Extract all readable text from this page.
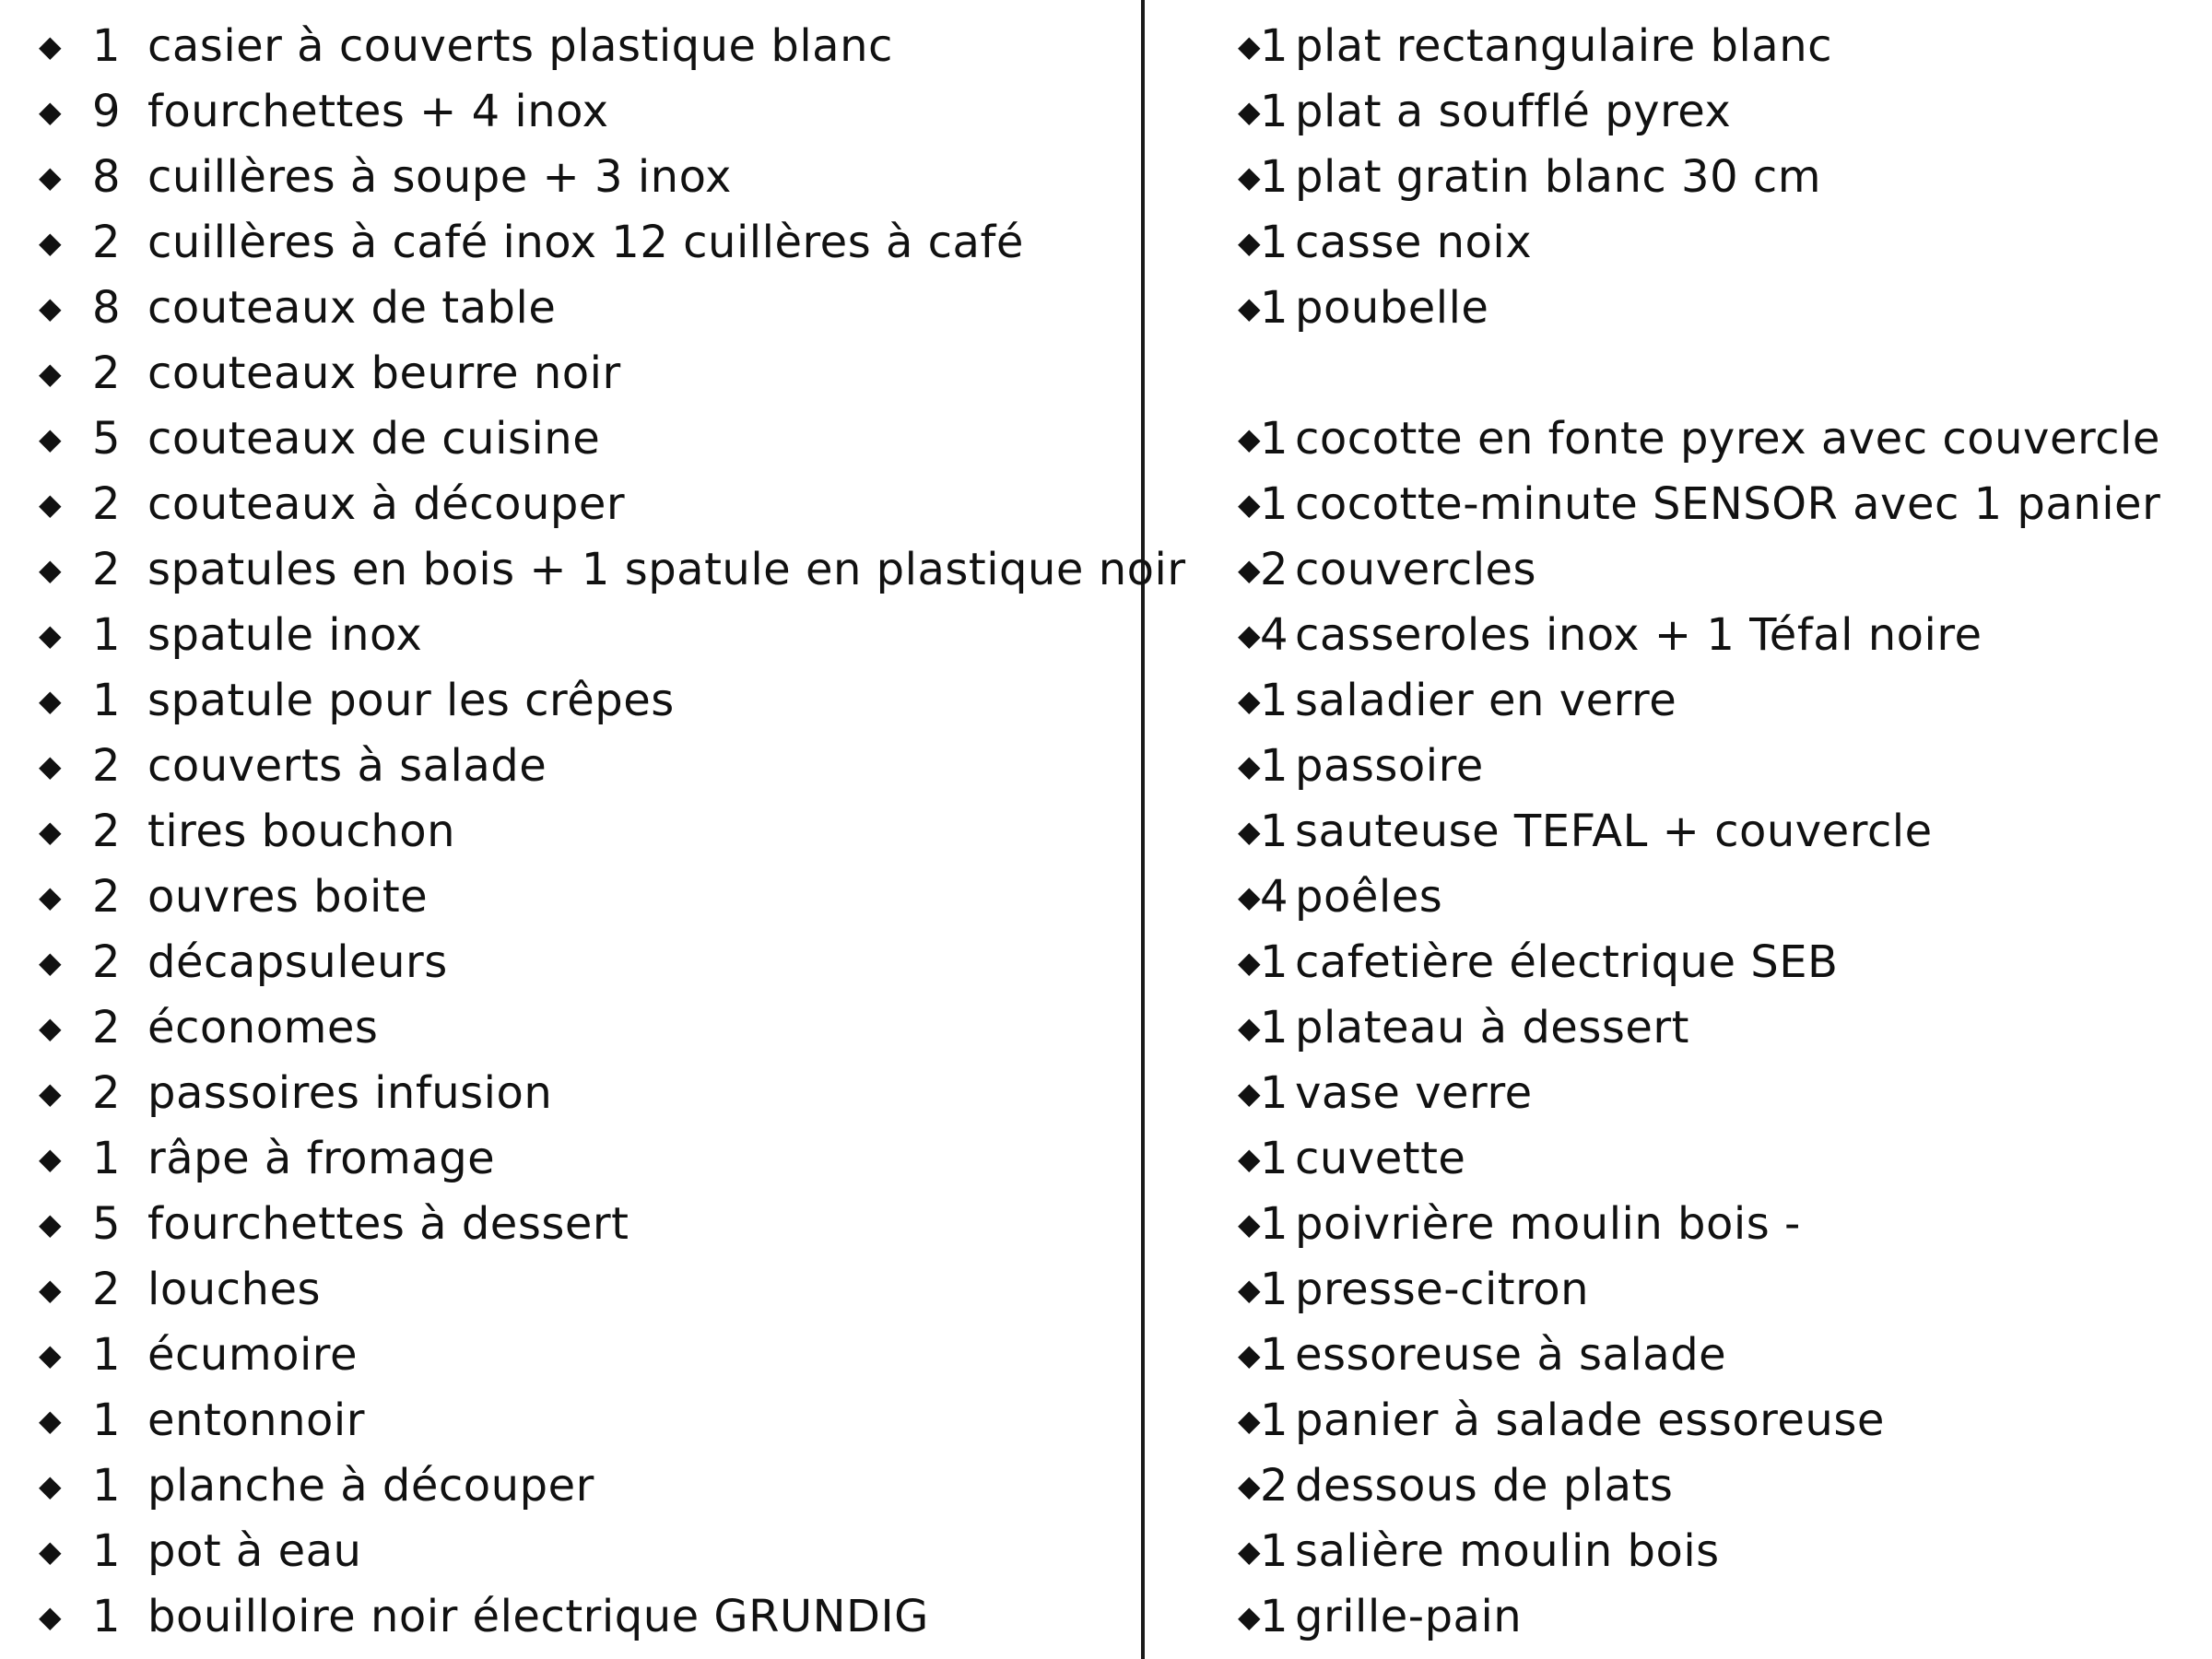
◆ 1 casier à couverts plastique blanc
◆ 9 fourchettes + 4 inox
◆ 8 cuillères à soupe + 3 inox
◆ 2 cuillères à café inox 12 cuillères à café
◆ 8 couteaux de table
◆ 2 couteaux beurre noir
◆ 5 couteaux de cuisine
◆ 2 couteaux à découper
◆ 2 spatules en bois + 1 spatule en plastique noir
◆ 1 spatule inox
◆ 1 spatule pour les crêpes
◆ 2 couverts à salade
◆ 2 tires bouchon
◆ 2 ouvres boite
◆ 2 décapsuleurs
◆ 2 économes
◆ 2 passoires infusion
◆ 1 râpe à fromage
◆ 5 fourchettes à dessert
◆ 2 louches
◆ 1 écumoire
◆ 1 entonnoir
◆ 1 planche à découper
◆ 1 pot à eau
◆ 1 bouilloire noir électrique GRUNDIG
◆
1 plat rectangulaire blanc
◆
1 plat a soufflé pyrex
◆
1 plat gratin blanc 30 cm
◆
1 casse noix
◆
1 poubelle
◆
1 cocotte en fonte pyrex avec couvercle
◆
1 cocotte-minute SENSOR avec 1 panier
◆
2 couvercles
◆
4 casseroles inox + 1 Téfal noire
◆
1 saladier en verre
◆
1 passoire
◆
1 sauteuse TEFAL + couvercle
◆
4 poêles
◆
1 cafetière électrique SEB
◆
1 plateau à dessert
◆
1 vase verre
◆
1 cuvette
◆
1 poivrière moulin bois -
◆
1 presse-citron
◆
1 essoreuse à salade
◆
1 panier à salade essoreuse
◆
2 dessous de plats
◆
1 salière moulin bois
◆
1 grille-pain
